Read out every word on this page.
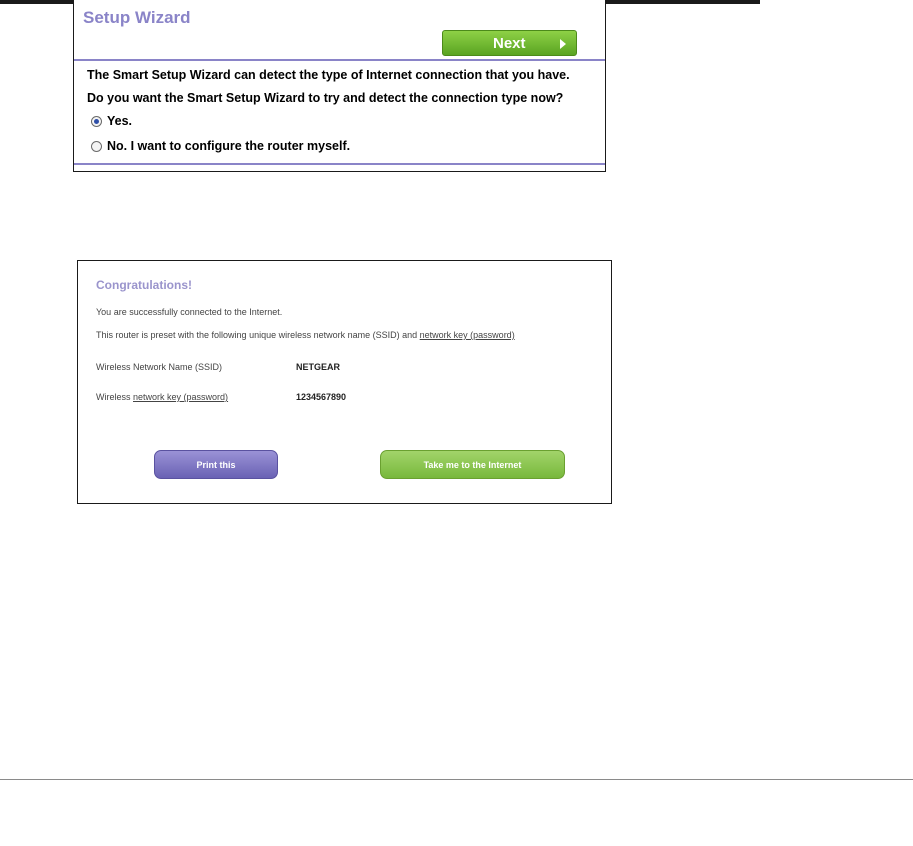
Setup Wizard
Next
The Smart Setup Wizard can detect the type of Internet connection that you have.
Do you want the Smart Setup Wizard to try and detect the connection type now?
Yes.
No. I want to configure the router myself.
Congratulations!
You are successfully connected to the Internet.
This router is preset with the following unique wireless network name (SSID) and network key (password)
Wireless Network Name (SSID)	NETGEAR
Wireless network key (password)	1234567890
Print this	Take me to the Internet
